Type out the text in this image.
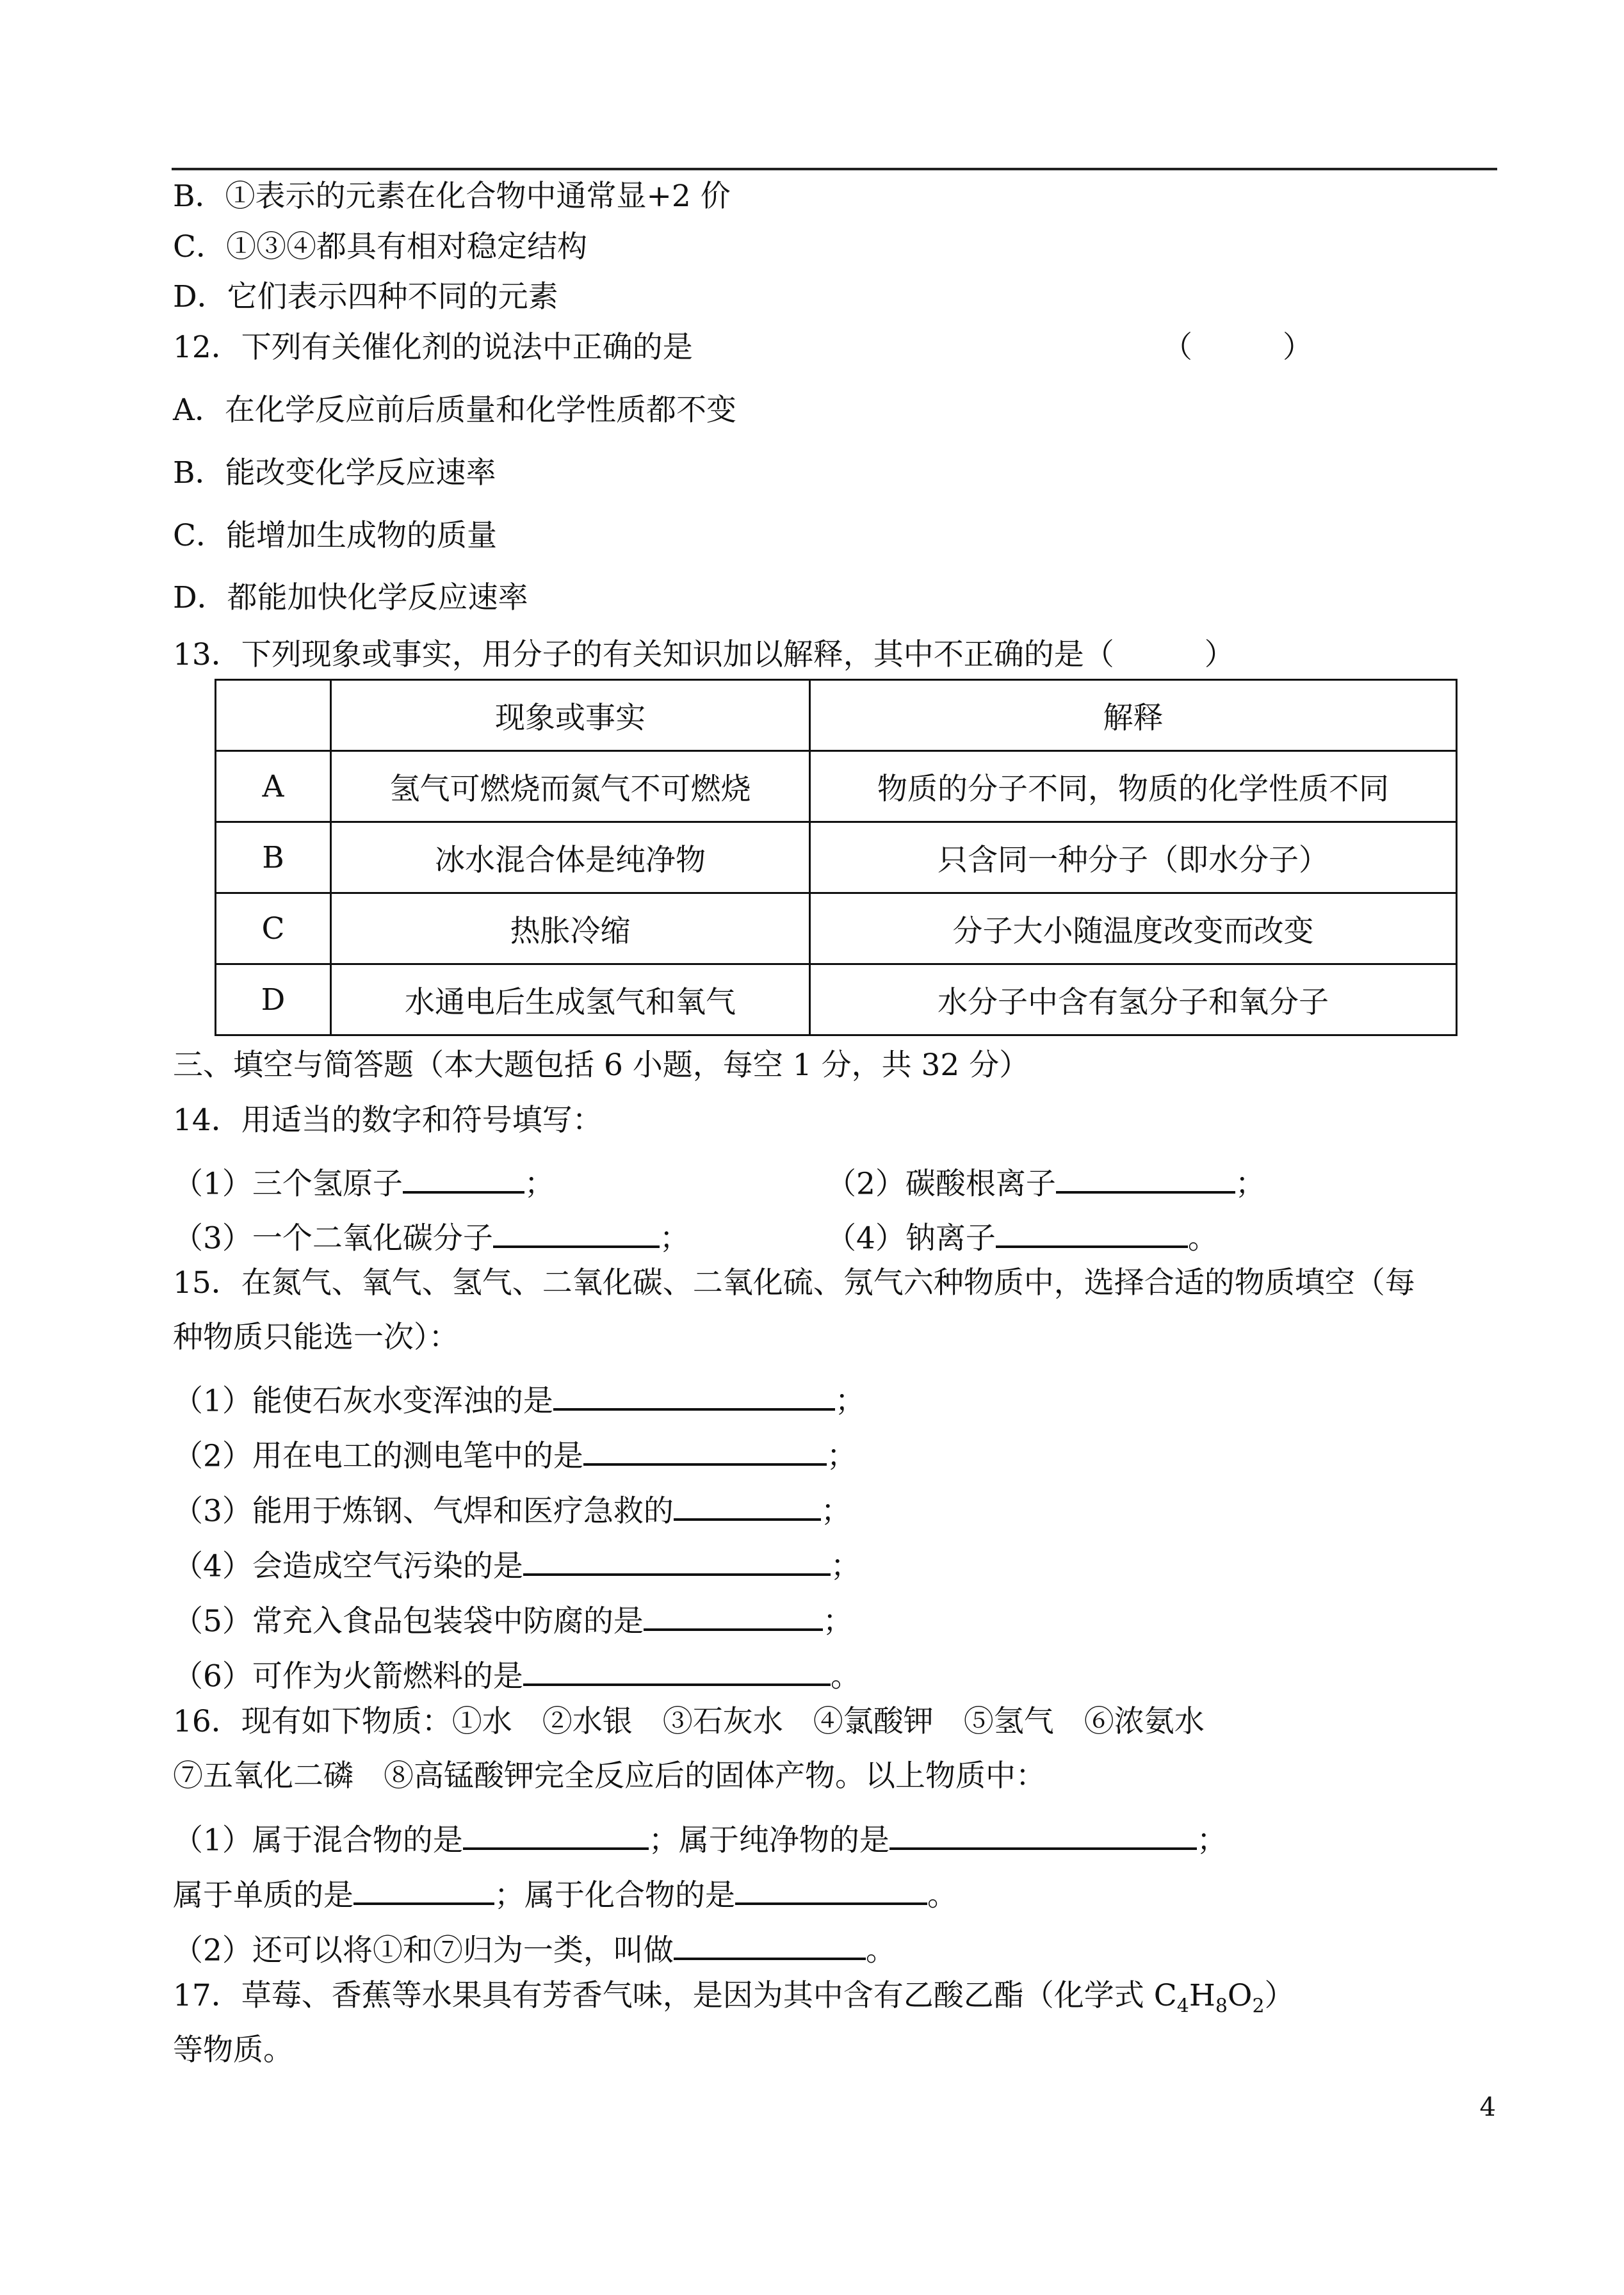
B．①表示的元素在化合物中通常显+2 价
C．①③④都具有相对稳定结构
D．它们表示四种不同的元素
12．下列有关催化剂的说法中正确的是	（　　　）
A．在化学反应前后质量和化学性质都不变
B．能改变化学反应速率
C．能增加生成物的质量
D．都能加快化学反应速率
13．下列现象或事实，用分子的有关知识加以解释，其中不正确的是（　　　）
	现象或事实	解释
A	氢气可燃烧而氮气不可燃烧	物质的分子不同，物质的化学性质不同
B	冰水混合体是纯净物	只含同一种分子（即水分子）
C	热胀冷缩	分子大小随温度改变而改变
D	水通电后生成氢气和氧气	水分子中含有氢分子和氧分子
三、填空与简答题（本大题包括 6 小题，每空 1 分，共 32 分）
14．用适当的数字和符号填写：
（1）三个氢原子	；	（2）碳酸根离子	；
（3）一个二氧化碳分子	；	（4）钠离子	。
15．在氮气、氧气、氢气、二氧化碳、二氧化硫、氖气六种物质中，选择合适的物质填空（每
种物质只能选一次）：
（1）能使石灰水变浑浊的是	；
（2）用在电工的测电笔中的是	；
（3）能用于炼钢、气焊和医疗急救的	；
（4）会造成空气污染的是	；
（5）常充入食品包装袋中防腐的是	；
（6）可作为火箭燃料的是	。
16．现有如下物质：①水　②水银　③石灰水　④氯酸钾　⑤氢气　⑥浓氨水
⑦五氧化二磷　⑧高锰酸钾完全反应后的固体产物。以上物质中：
（1）属于混合物的是	；属于纯净物的是	；
属于单质的是	；属于化合物的是	。
（2）还可以将①和⑦归为一类，叫做	。
17．草莓、香蕉等水果具有芳香气味，是因为其中含有乙酸乙酯（化学式 $C_4H_8O_2$）
等物质。
4
